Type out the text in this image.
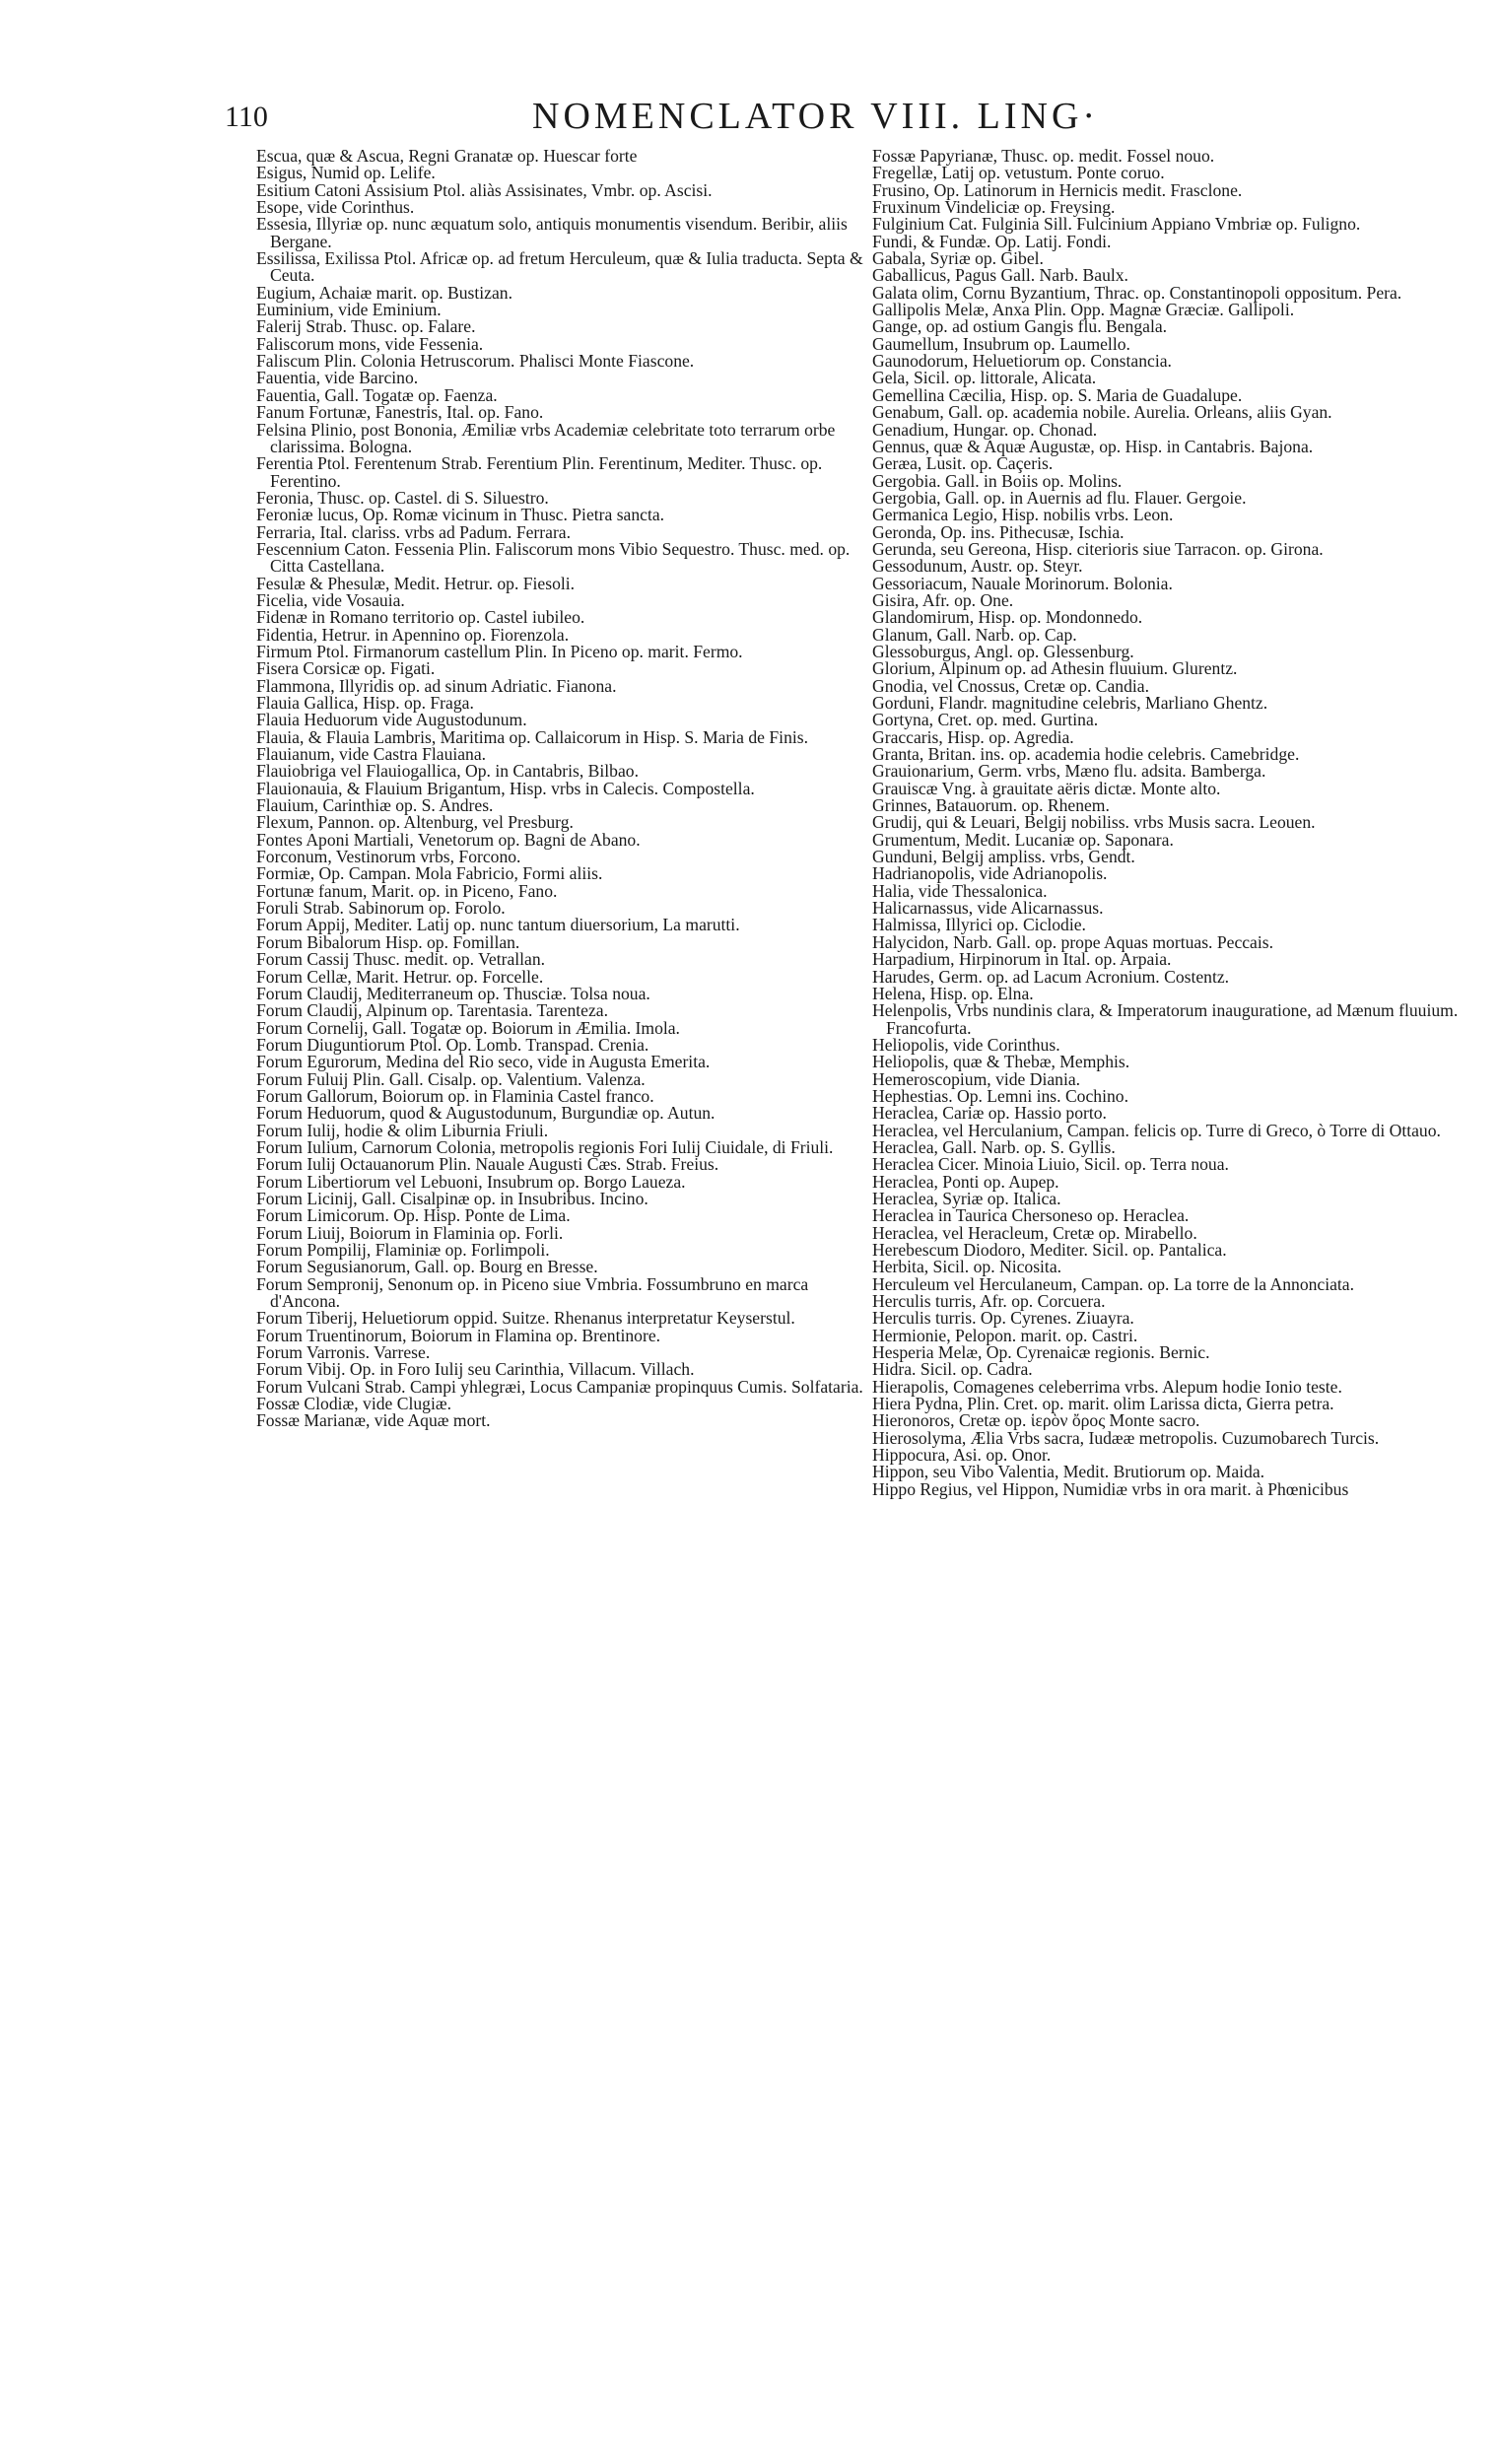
110	NOMENCLATOR VIII. LING·

Escua, quæ & Ascua, Regni Granatæ op. Huescar forte

Esigus, Numid op. Lelife.

Esitium Catoni Assisium Ptol. aliàs Assisinates, Vmbr. op. Ascisi.

Esope, vide Corinthus.

Essesia, Illyriæ op. nunc æquatum solo, antiquis monumentis visendum. Beribir, aliis Bergane.

Essilissa, Exilissa Ptol. Africæ op. ad fretum Herculeum, quæ & Iulia traducta. Septa & Ceuta.

Eugium, Achaiæ marit. op. Bustizan.

Euminium, vide Eminium.

Falerij Strab. Thusc. op. Falare.

Faliscorum mons, vide Fessenia.

Faliscum Plin. Colonia Hetruscorum. Phalisci Monte Fiascone.

Fauentia, vide Barcino.

Fauentia, Gall. Togatæ op. Faenza.

Fanum Fortunæ, Fanestris, Ital. op. Fano.

Felsina Plinio, post Bononia, Æmiliæ vrbs Academiæ celebritate toto terrarum orbe clarissima. Bologna.

Ferentia Ptol. Ferentenum Strab. Ferentium Plin. Ferentinum, Mediter. Thusc. op. Ferentino.

Feronia, Thusc. op. Castel. di S. Siluestro.

Feroniæ lucus, Op. Romæ vicinum in Thusc. Pietra sancta.

Ferraria, Ital. clariss. vrbs ad Padum. Ferrara.

Fescennium Caton. Fessenia Plin. Faliscorum mons Vibio Sequestro. Thusc. med. op. Citta Castellana.

Fesulæ & Phesulæ, Medit. Hetrur. op. Fiesoli.

Ficelia, vide Vosauia.

Fidenæ in Romano territorio op. Castel iubileo.

Fidentia, Hetrur. in Apennino op. Fiorenzola.

Firmum Ptol. Firmanorum castellum Plin. In Piceno op. marit. Fermo.

Fisera Corsicæ op. Figati.

Flammona, Illyridis op. ad sinum Adriatic. Fianona.

Flauia Gallica, Hisp. op. Fraga.

Flauia Heduorum vide Augustodunum.

Flauia, & Flauia Lambris, Maritima op. Callaicorum in Hisp. S. Maria de Finis.

Flauianum, vide Castra Flauiana.

Flauiobriga vel Flauiogallica, Op. in Cantabris, Bilbao.

Flauionauia, & Flauium Brigantum, Hisp. vrbs in Calecis. Compostella.

Flauium, Carinthiæ op. S. Andres.

Flexum, Pannon. op. Altenburg, vel Presburg.

Fontes Aponi Martiali, Venetorum op. Bagni de Abano.

Forconum, Vestinorum vrbs, Forcono.

Formiæ, Op. Campan. Mola Fabricio, Formi aliis.

Fortunæ fanum, Marit. op. in Piceno, Fano.

Foruli Strab. Sabinorum op. Forolo.

Forum Appij, Mediter. Latij op. nunc tantum diuersorium, La marutti.

Forum Bibalorum Hisp. op. Fomillan.

Forum Cassij Thusc. medit. op. Vetrallan.

Forum Cellæ, Marit. Hetrur. op. Forcelle.

Forum Claudij, Mediterraneum op. Thusciæ. Tolsa noua.

Forum Claudij, Alpinum op. Tarentasia. Tarenteza.

Forum Cornelij, Gall. Togatæ op. Boiorum in Æmilia. Imola.

Forum Diuguntiorum Ptol. Op. Lomb. Transpad. Crenia.

Forum Egurorum, Medina del Rio seco, vide in Augusta Emerita.

Forum Fuluij Plin. Gall. Cisalp. op. Valentium. Valenza.

Forum Gallorum, Boiorum op. in Flaminia Castel franco.

Forum Heduorum, quod & Augustodunum, Burgundiæ op. Autun.

Forum Iulij, hodie & olim Liburnia Friuli.

Forum Iulium, Carnorum Colonia, metropolis regionis Fori Iulij Ciuidale, di Friuli.

Forum Iulij Octauanorum Plin. Nauale Augusti Cæs. Strab. Freius.

Forum Libertiorum vel Lebuoni, Insubrum op. Borgo Laueza.

Forum Licinij, Gall. Cisalpinæ op. in Insubribus. Incino.

Forum Limicorum. Op. Hisp. Ponte de Lima.

Forum Liuij, Boiorum in Flaminia op. Forli.

Forum Pompilij, Flaminiæ op. Forlimpoli.

Forum Segusianorum, Gall. op. Bourg en Bresse.

Forum Sempronij, Senonum op. in Piceno siue Vmbria. Fossumbruno en marca d'Ancona.

Forum Tiberij, Heluetiorum oppid. Suitze. Rhenanus interpretatur Keyserstul.

Forum Truentinorum, Boiorum in Flamina op. Brentinore.

Forum Varronis. Varrese.

Forum Vibij. Op. in Foro Iulij seu Carinthia, Villacum. Villach.

Forum Vulcani Strab. Campi yhlegræi, Locus Campaniæ propinquus Cumis. Solfataria.

Fossæ Clodiæ, vide Clugiæ.

Fossæ Marianæ, vide Aquæ mort.

Fossæ Papyrianæ, Thusc. op. medit. Fossel nouo.

Fregellæ, Latij op. vetustum. Ponte coruo.

Frusino, Op. Latinorum in Hernicis medit. Frasclone.

Fruxinum Vindeliciæ op. Freysing.

Fulginium Cat. Fulginia Sill. Fulcinium Appiano Vmbriæ op. Fuligno.

Fundi, & Fundæ. Op. Latij. Fondi.

Gabala, Syriæ op. Gibel.

Gaballicus, Pagus Gall. Narb. Baulx.

Galata olim, Cornu Byzantium, Thrac. op. Constantinopoli oppositum. Pera.

Gallipolis Melæ, Anxa Plin. Opp. Magnæ Græciæ. Gallipoli.

Gange, op. ad ostium Gangis flu. Bengala.

Gaumellum, Insubrum op. Laumello.

Gaunodorum, Heluetiorum op. Constancia.

Gela, Sicil. op. littorale, Alicata.

Gemellina Cæcilia, Hisp. op. S. Maria de Guadalupe.

Genabum, Gall. op. academia nobile. Aurelia. Orleans, aliis Gyan.

Genadium, Hungar. op. Chonad.

Gennus, quæ & Aquæ Augustæ, op. Hisp. in Cantabris. Bajona.

Geræa, Lusit. op. Caçeris.

Gergobia. Gall. in Boiis op. Molins.

Gergobia, Gall. op. in Auernis ad flu. Flauer. Gergoie.

Germanica Legio, Hisp. nobilis vrbs. Leon.

Geronda, Op. ins. Pithecusæ, Ischia.

Gerunda, seu Gereona, Hisp. citerioris siue Tarracon. op. Girona.

Gessodunum, Austr. op. Steyr.

Gessoriacum, Nauale Morinorum. Bolonia.

Gisira, Afr. op. One.

Glandomirum, Hisp. op. Mondonnedo.

Glanum, Gall. Narb. op. Cap.

Glessoburgus, Angl. op. Glessenburg.

Glorium, Alpinum op. ad Athesin fluuium. Glurentz.

Gnodia, vel Cnossus, Cretæ op. Candia.

Gorduni, Flandr. magnitudine celebris, Marliano Ghentz.

Gortyna, Cret. op. med. Gurtina.

Graccaris, Hisp. op. Agredia.

Granta, Britan. ins. op. academia hodie celebris. Camebridge.

Grauionarium, Germ. vrbs, Mæno flu. adsita. Bamberga.

Grauiscæ Vng. à grauitate aëris dictæ. Monte alto.

Grinnes, Batauorum. op. Rhenem.

Grudij, qui & Leuari, Belgij nobiliss. vrbs Musis sacra. Leouen.

Grumentum, Medit. Lucaniæ op. Saponara.

Gunduni, Belgij ampliss. vrbs, Gendt.

Hadrianopolis, vide Adrianopolis.

Halia, vide Thessalonica.

Halicarnassus, vide Alicarnassus.

Halmissa, Illyrici op. Ciclodie.

Halycidon, Narb. Gall. op. prope Aquas mortuas. Peccais.

Harpadium, Hirpinorum in Ital. op. Arpaia.

Harudes, Germ. op. ad Lacum Acronium. Costentz.

Helena, Hisp. op. Elna.

Helenpolis, Vrbs nundinis clara, & Imperatorum inauguratione, ad Mænum fluuium. Francofurta.

Heliopolis, vide Corinthus.

Heliopolis, quæ & Thebæ, Memphis.

Hemeroscopium, vide Diania.

Hephestias. Op. Lemni ins. Cochino.

Heraclea, Cariæ op. Hassio porto.

Heraclea, vel Herculanium, Campan. felicis op. Turre di Greco, ò Torre di Ottauo.

Heraclea, Gall. Narb. op. S. Gyllis.

Heraclea Cicer. Minoia Liuio, Sicil. op. Terra noua.

Heraclea, Ponti op. Aupep.

Heraclea, Syriæ op. Italica.

Heraclea in Taurica Chersoneso op. Heraclea.

Heraclea, vel Heracleum, Cretæ op. Mirabello.

Herebescum Diodoro, Mediter. Sicil. op. Pantalica.

Herbita, Sicil. op. Nicosita.

Herculeum vel Herculaneum, Campan. op. La torre de la Annonciata.

Herculis turris, Afr. op. Corcuera.

Herculis turris. Op. Cyrenes. Ziuayra.

Hermionie, Pelopon. marit. op. Castri.

Hesperia Melæ, Op. Cyrenaicæ regionis. Bernic.

Hidra. Sicil. op. Cadra.

Hierapolis, Comagenes celeberrima vrbs. Alepum hodie Ionio teste.

Hiera Pydna, Plin. Cret. op. marit. olim Larissa dicta, Gierra petra.

Hieronoros, Cretæ op. ἱερὸν ὄρος Monte sacro.

Hierosolyma, Ælia Vrbs sacra, Iudææ metropolis. Cuzumobarech Turcis.

Hippocura, Asi. op. Onor.

Hippon, seu Vibo Valentia, Medit. Brutiorum op. Maida.

Hippo Regius, vel Hippon, Numidiæ vrbs in ora marit. à Phœnicibus
